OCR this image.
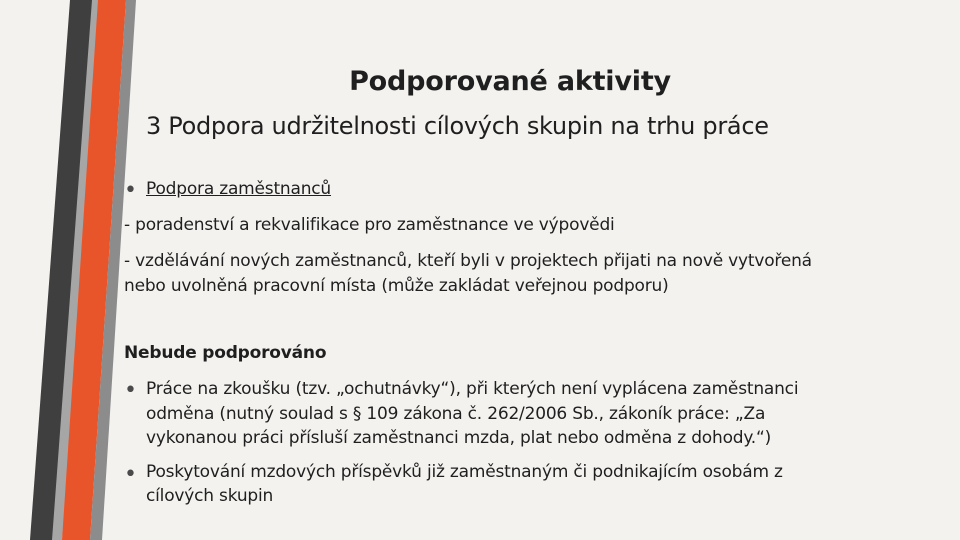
Podporované aktivity
3 Podpora udržitelnosti cílových skupin na trhu práce
• Podpora zaměstnanců
- poradenství a rekvalifikace pro zaměstnance ve výpovědi
- vzdělávání nových zaměstnanců, kteří byli v projektech přijati na nově vytvořená
nebo uvolněná pracovní místa (může zakládat veřejnou podporu)
Nebude podporováno
• Práce na zkoušku (tzv. „ochutnávky“), při kterých není vyplácena zaměstnanci
odměna (nutný soulad s § 109 zákona č. 262/2006 Sb., zákoník práce: „Za
vykonanou práci přísluší zaměstnanci mzda, plat nebo odměna z dohody.“)
• Poskytování mzdových příspěvků již zaměstnaným či podnikajícím osobám z
cílových skupin
